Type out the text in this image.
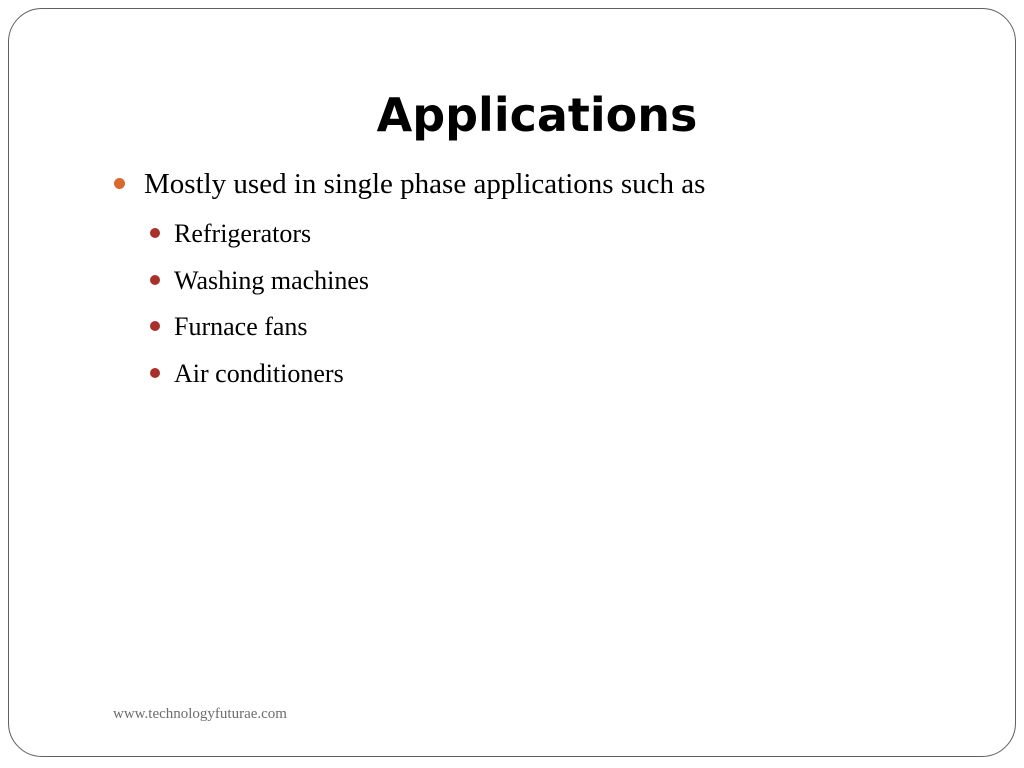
Applications
Mostly used in single phase applications such as
Refrigerators
Washing machines
Furnace fans
Air conditioners
www.technologyfuturae.com
